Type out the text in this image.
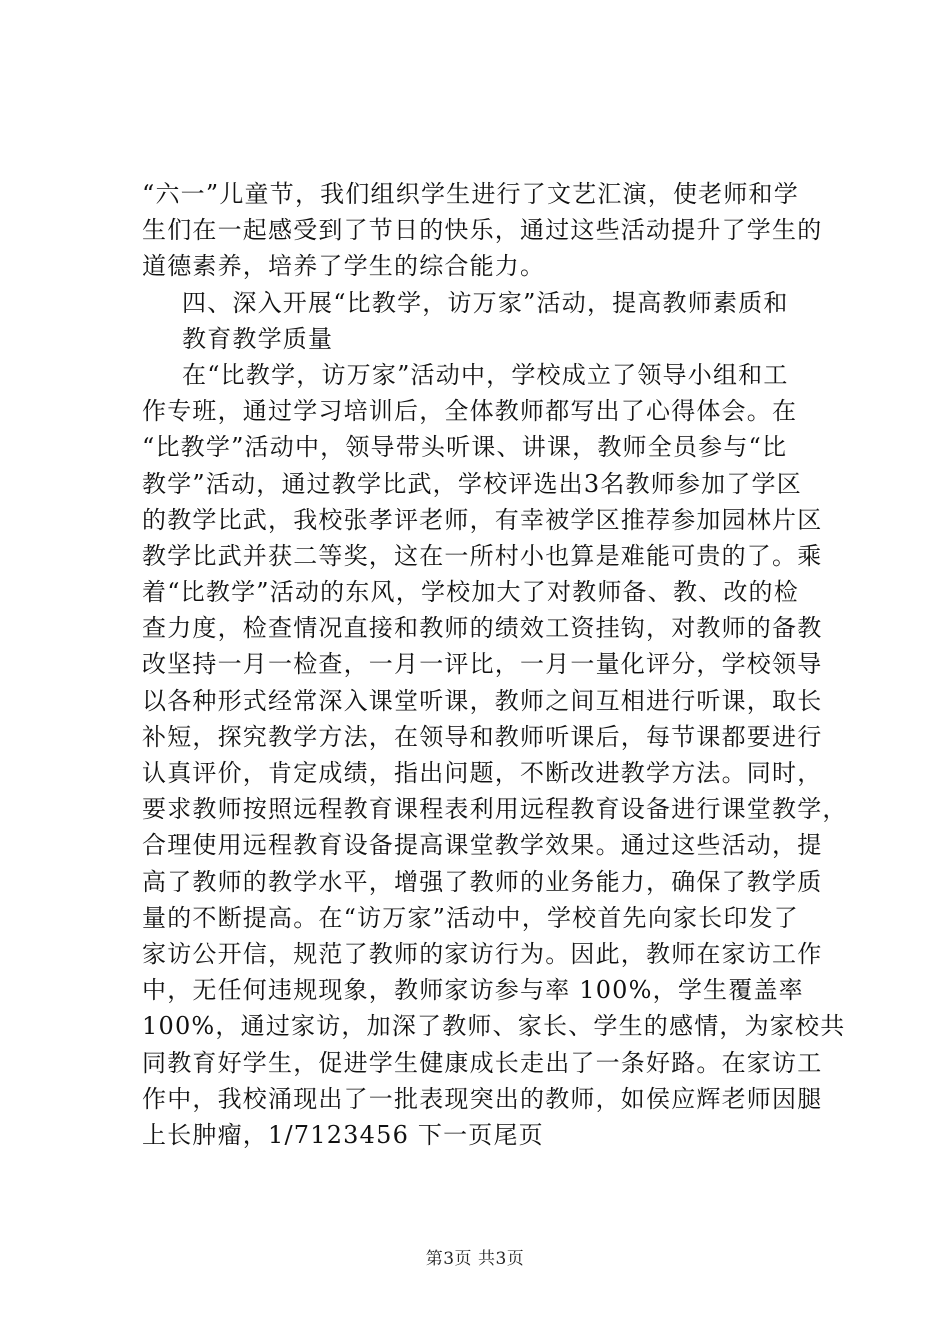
“六一”儿童节，我们组织学生进行了文艺汇演，使老师和学
生们在一起感受到了节日的快乐，通过这些活动提升了学生的
道德素养，培养了学生的综合能力。
四、深入开展“比教学，访万家”活动，提高教师素质和
教育教学质量
在“比教学，访万家”活动中，学校成立了领导小组和工
作专班，通过学习培训后，全体教师都写出了心得体会。在
“比教学”活动中，领导带头听课、讲课，教师全员参与“比
教学”活动，通过教学比武，学校评选出3名教师参加了学区
的教学比武，我校张孝评老师，有幸被学区推荐参加园林片区
教学比武并获二等奖，这在一所村小也算是难能可贵的了。乘
着“比教学”活动的东风，学校加大了对教师备、教、改的检
查力度，检查情况直接和教师的绩效工资挂钩，对教师的备教
改坚持一月一检查，一月一评比，一月一量化评分，学校领导
以各种形式经常深入课堂听课，教师之间互相进行听课，取长
补短，探究教学方法，在领导和教师听课后，每节课都要进行
认真评价，肯定成绩，指出问题，不断改进教学方法。同时，
要求教师按照远程教育课程表利用远程教育设备进行课堂教学，
合理使用远程教育设备提高课堂教学效果。通过这些活动，提
高了教师的教学水平，增强了教师的业务能力，确保了教学质
量的不断提高。在“访万家”活动中，学校首先向家长印发了
家访公开信，规范了教师的家访行为。因此，教师在家访工作
中，无任何违规现象，教师家访参与率 100%，学生覆盖率
100%，通过家访，加深了教师、家长、学生的感情，为家校共
同教育好学生，促进学生健康成长走出了一条好路。在家访工
作中，我校涌现出了一批表现突出的教师，如侯应辉老师因腿
上长肿瘤，1/7123456 下一页尾页
第3页 共3页
